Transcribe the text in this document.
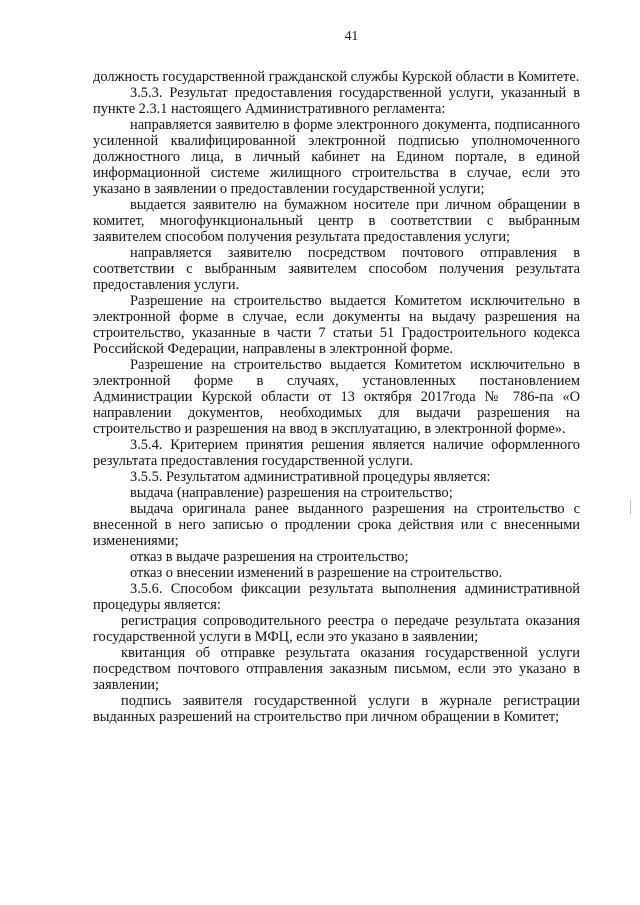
41

должность государственной гражданской службы Курской области в Комитете.

3.5.3. Результат предоставления государственной услуги, указанный в пункте 2.3.1 настоящего Административного регламента:

направляется заявителю в форме электронного документа, подписанного усиленной квалифицированной электронной подписью уполномоченного должностного лица, в личный кабинет на Едином портале, в единой информационной системе жилищного строительства в случае, если это указано в заявлении о предоставлении государственной услуги;

выдается заявителю на бумажном носителе при личном обращении в комитет, многофункциональный центр в соответствии с выбранным заявителем способом получения результата предоставления услуги;

направляется заявителю посредством почтового отправления в соответствии с выбранным заявителем способом получения результата предоставления услуги.

Разрешение на строительство выдается Комитетом исключительно в электронной форме в случае, если документы на выдачу разрешения на строительство, указанные в части 7 статьи 51 Градостроительного кодекса Российской Федерации, направлены в электронной форме.

Разрешение на строительство выдается Комитетом исключительно в электронной форме в случаях, установленных постановлением Администрации Курской области от 13 октября 2017года № 786-па «О направлении документов, необходимых для выдачи разрешения на строительство и разрешения на ввод в эксплуатацию, в электронной форме».

3.5.4. Критерием принятия решения является наличие оформленного результата предоставления государственной услуги.

3.5.5. Результатом административной процедуры является:

выдача (направление) разрешения на строительство;

выдача оригинала ранее выданного разрешения на строительство с внесенной в него записью о продлении срока действия или с внесенными изменениями;

отказ в выдаче разрешения на строительство;

отказ о внесении изменений в разрешение на строительство.

3.5.6. Способом фиксации результата выполнения административной процедуры является:

регистрация сопроводительного реестра о передаче результата оказания государственной услуги в МФЦ, если это указано в заявлении;

квитанция об отправке результата оказания государственной услуги посредством почтового отправления заказным письмом, если это указано в заявлении;

подпись заявителя государственной услуги в журнале регистрации выданных разрешений на строительство при личном обращении в Комитет;
